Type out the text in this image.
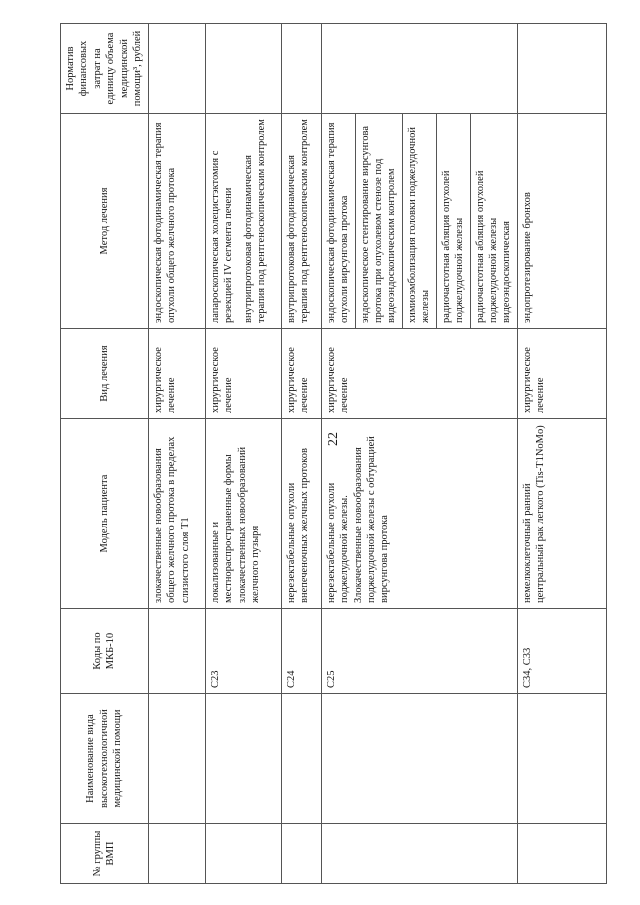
22
№ группы ВМП	Наименование вида высокотехнологичной медицинской помощи	Коды по МКБ-10	Модель пациента	Вид лечения	Метод лечения	Норматив финансовых затрат на единицу объема медицинской помощи³, рублей
			злокачественные новообразования общего желчного протока в пределах слизистого слоя T1	хирургическое лечение	эндоскопическая фотодинамическая терапия опухоли общего желчного протока	

		C23	локализованные и местнораспространенные формы злокачественных новообразований желчного пузыря	хирургическое лечение	лапароскопическая холецистэктомия с резекцией IV сегмента печени внутрипротоковая фотодинамическая терапия под рентгеноскопическим контролем	

		C24	нерезектабельные опухоли внепеченочных желчных протоков	хирургическое лечение	внутрипротоковая фотодинамическая терапия под рентгеноскопическим контролем	
		C25	нерезектабельные опухоли поджелудочной железы. Злокачественные новообразования поджелудочной железы с обтурацией вирсунгова протока	хирургическое лечение	эндоскопическая фотодинамическая терапия опухоли вирсунгова протока эндоскопическое стентирование вирсунгова протока при опухолевом стенозе под видеоэндоскопическим контролем химиоэмболизация головки поджелудочной железы радиочастотная абляция опухолей поджелудочной железы радиочастотная абляция опухолей поджелудочной железы видеоэндоскопическая	

		C34, C33	немелкоклеточный ранний центральный рак легкого (Tis-T1NoMo)	хирургическое лечение	эндопротезирование бронхов	
